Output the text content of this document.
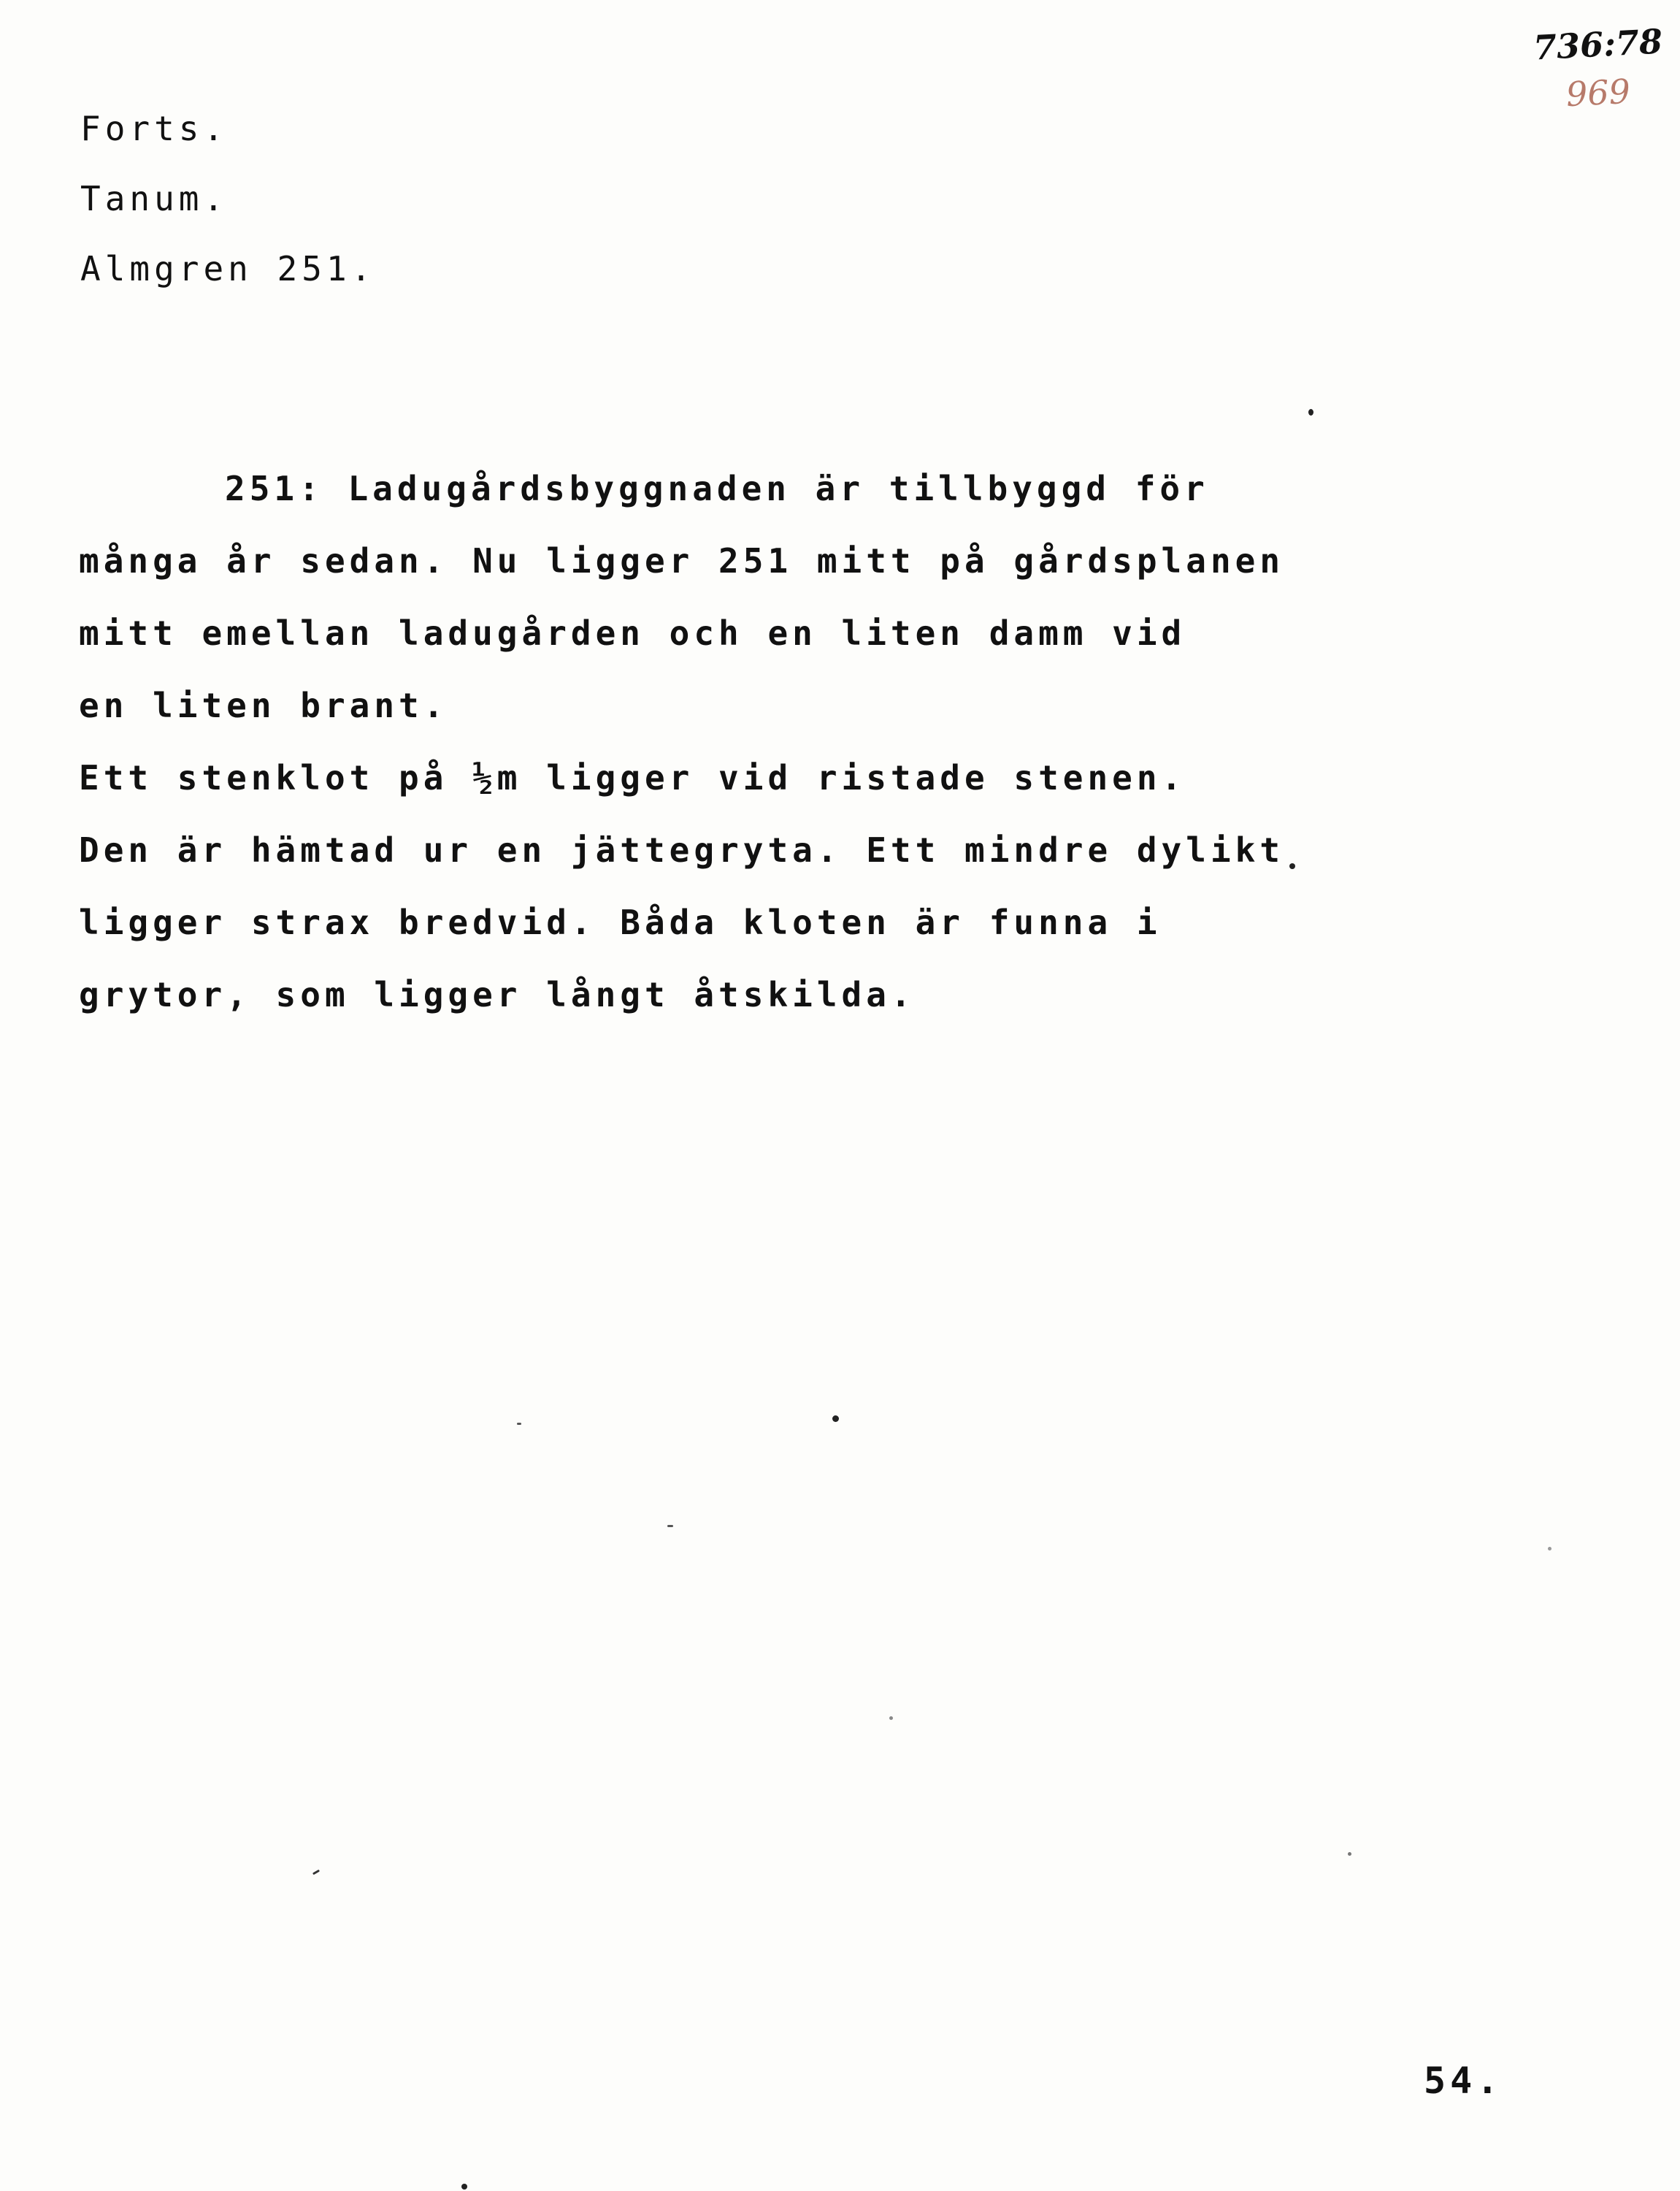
736:78
969
Forts.
Tanum.
Almgren 251.
251: Ladugårdsbyggnaden är tillbyggd för
många år sedan. Nu ligger 251 mitt på gårdsplanen
mitt emellan ladugården och en liten damm vid
en liten brant.
Ett stenklot på ½m ligger vid ristade stenen.
Den är hämtad ur en jättegryta. Ett mindre dylikt
ligger strax bredvid. Båda kloten är funna i
grytor, som ligger långt åtskilda.
54.
